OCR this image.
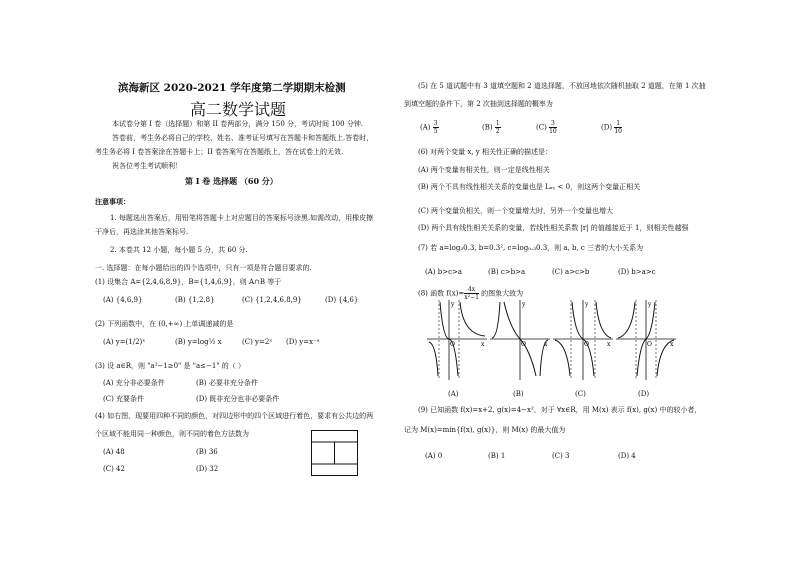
滨海新区 2020-2021 学年度第二学期期末检测
高二数学试题
本试卷分第 I 卷（选择题）和第 II 卷两部分，满分 150 分，考试时间 100 分钟.
答卷前，考生务必将自己的学校、姓名、准考证号填写在答题卡和答题纸上.答卷时，
考生务必将 I 卷答案涂在答题卡上；II 卷答案写在答题纸上，答在试卷上的无效.
祝各位考生考试顺利！
第 I 卷 选择题 （60 分）
注意事项：
1. 每题选出答案后，用铅笔将答题卡上对应题目的答案标号涂黑.如需改动，用橡皮擦
干净后，再选涂其他答案标号.
2. 本卷共 12 小题，每小题 5 分，共 60 分.
一. 选择题：在每小题给出的四个选项中，只有一项是符合题目要求的.
(1) 设集合 A={2,4,6,8,9}，B={1,4,6,9}，则 A∩B 等于
(A) {4,6,9}	(B) {1,2,8}	(C) {1,2,4,6,8,9}	(D) {4,6}
(2) 下列函数中，在 (0,+∞) 上单调递减的是
(A) y=(1/2)ˣ	(B) y=log½ x	(C) y=2ˣ (D) y=x⁻ᵃ
(3) 设 a∈R，则 "a²−1≥0" 是 "a≤−1" 的（ ）
(A) 充分非必要条件	(B) 必要非充分条件
(C) 充要条件	(D) 既非充分也非必要条件
(4) 如右图，现要用四种不同的颜色，对四边形中的四个区域进行着色，要求有公共边的两
个区域不能用同一种颜色，则不同的着色方法数为
(A) 48	(B) 36
(C) 42	(D) 32
(5) 在 5 道试题中有 3 道填空题和 2 道选择题，不放回地依次随机抽取 2 道题，在第 1 次抽
到填空题的条件下，第 2 次抽到选择题的概率为
$(A) \frac{3}{5}$	$(B) \frac{1}{2}$	$(C) \frac{3}{10}$	$(D) \frac{1}{10}$
(6) 对两个变量 x, y 相关性正确的描述是：
(A) 两个变量有相关性，则一定是线性相关
(B) 两个不具有线性相关关系的变量也是 Lₓᵧ < 0，则这两个变量正相关
(C) 两个变量负相关，则一个变量增大时，另外一个变量也增大
(D) 两个具有线性相关关系的变量，若线性相关系数 |r| 的值越接近于 1，则相关性越强
(7) 若 a=log₃0.3, b=0.3², c=log₀.₃0.3，则 a, b, c 三者的大小关系为
(A) b>c>a	(B) c>b>a	(C) a>c>b	(D) b>a>c
(8) 函数 $f(x)= \frac{4x}{\text{x²−1}}$ 的图象大致为
y
O	x
y
O	x
y
O	x
y
O	x
(A)	(B)	(C)	(D)
(9) 已知函数 f(x)=x+2, g(x)=4−x²，对于 ∀x∈R，用 M(x) 表示 f(x), g(x) 中的较小者，
记为 M(x)=min{f(x), g(x)}，则 M(x) 的最大值为
(A) 0	(B) 1	(C) 3	(D) 4
